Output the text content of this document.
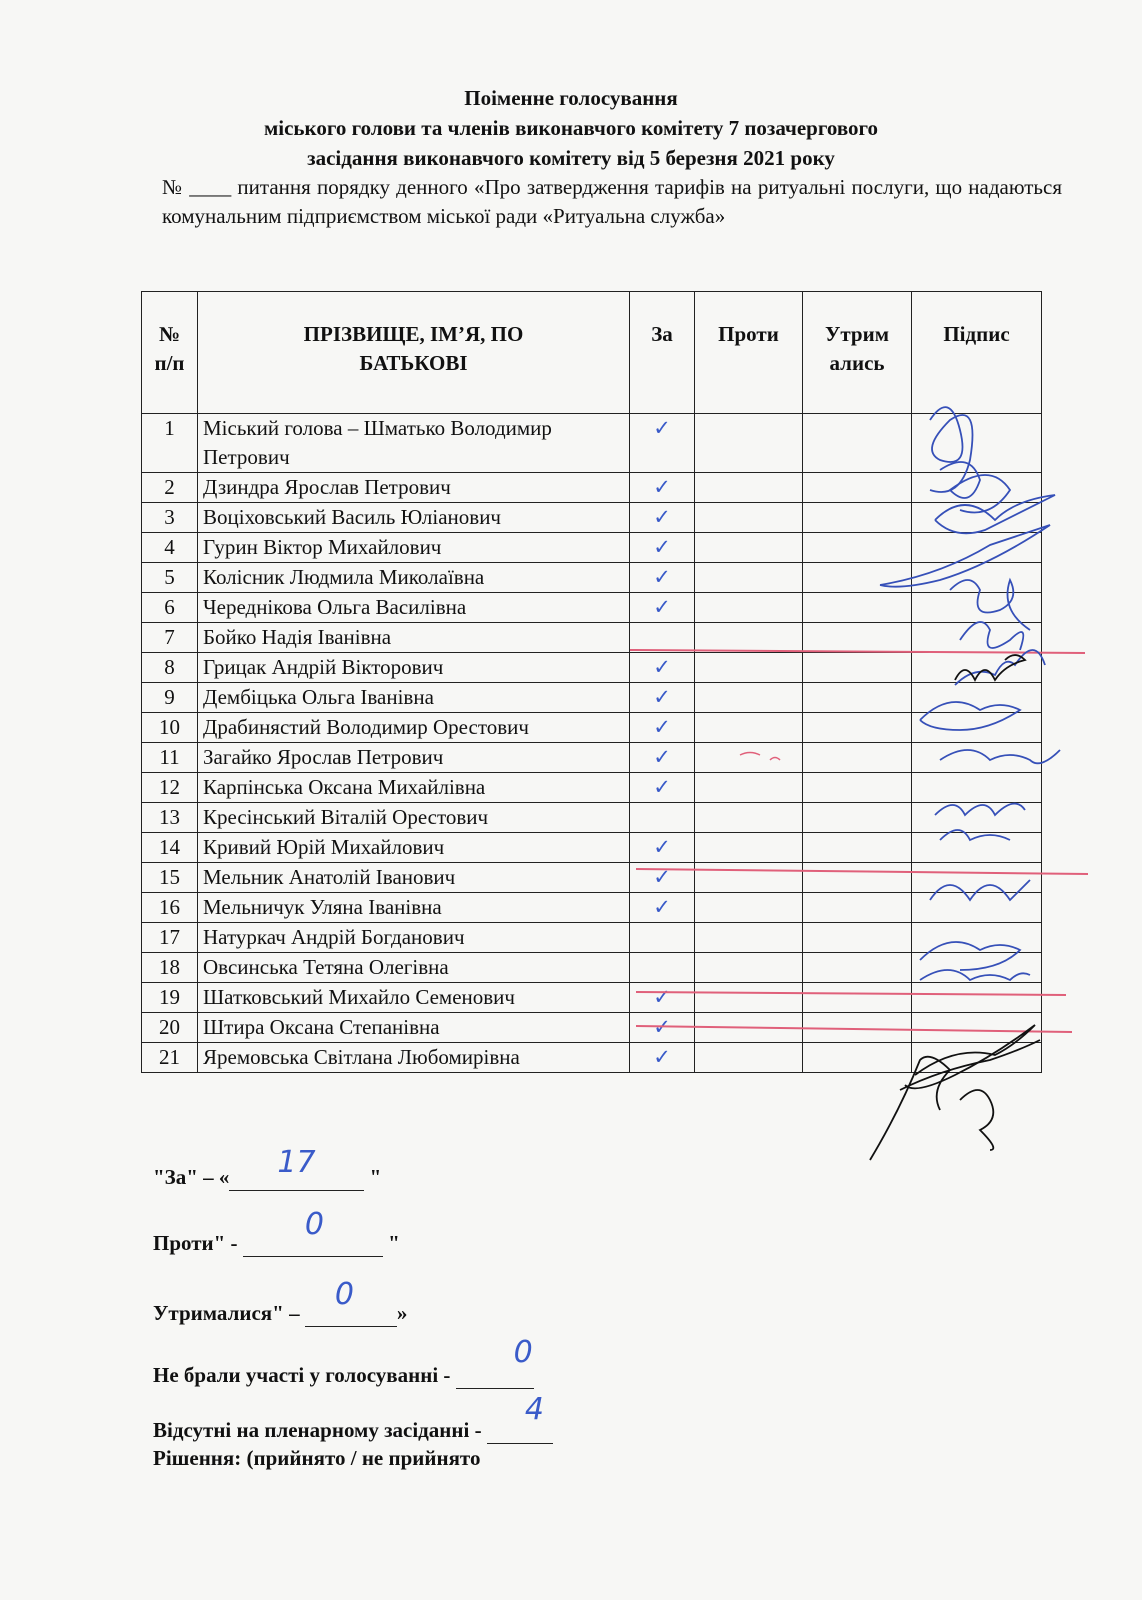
Поіменне голосування
міського голови та членів виконавчого комітету 7 позачергового
засідання виконавчого комітету від 5 березня 2021 року
№ ____ питання порядку денного «Про затвердження тарифів на ритуальні послуги, що надаються комунальним підприємством міської ради «Ритуальна служба»
№ п/п	ПРІЗВИЩЕ, ІМ’Я, ПО БАТЬКОВІ	За	Проти	Утрим ались	Підпис
1	Міський голова – Шматько Володимир Петрович	✓			
2	Дзиндра Ярослав Петрович	✓			
3	Воціховський Василь Юліанович	✓			
4	Гурин Віктор Михайлович	✓			
5	Колісник Людмила Миколаївна	✓			
6	Череднікова Ольга Василівна	✓			
7	Бойко Надія Іванівна				
8	Грицак Андрій Вікторович	✓			
9	Дембіцька Ольга Іванівна	✓			
10	Драбинястий Володимир Орестович	✓			
11	Загайко Ярослав Петрович	✓			
12	Карпінська Оксана Михайлівна	✓			
13	Кресінський Віталій Орестович				
14	Кривий Юрій Михайлович	✓			
15	Мельник Анатолій Іванович	✓			
16	Мельничук Уляна Іванівна	✓			
17	Натуркач Андрій Богданович				
18	Овсинська Тетяна Олегівна				
19	Шатковський Михайло Семенович	✓			
20	Штира Оксана Степанівна	✓			
21	Яремовська Світлана Любомирівна	✓			
"За" – « 17 "
Проти" -
0
"
Утрималися" –
0
»
Не брали участі у голосуванні -
0

Відсутні на пленарному засіданні -
4

Рішення: (прийнято / не прийнято
